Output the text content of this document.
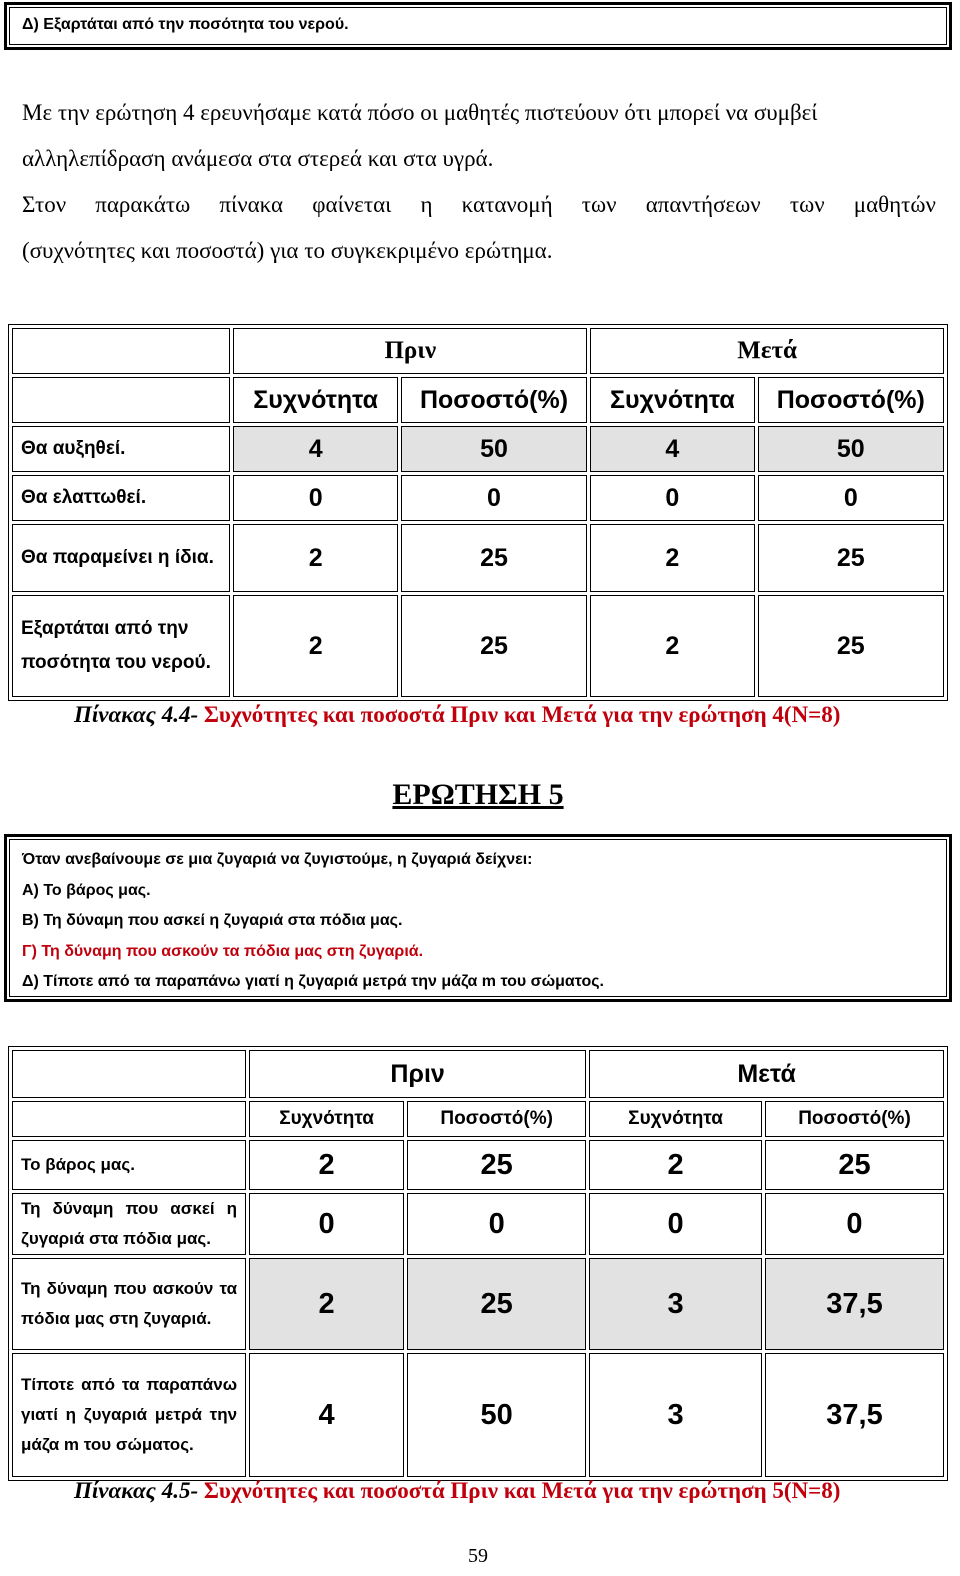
Δ) Εξαρτάται από την ποσότητα του νερού.
Με την ερώτηση 4 ερευνήσαμε κατά πόσο οι μαθητές πιστεύουν ότι μπορεί να συμβεί
αλληλεπίδραση ανάμεσα στα στερεά και στα υγρά.
Στον παρακάτω πίνακα φαίνεται η κατανομή των απαντήσεων των μαθητών
(συχνότητες και ποσοστά) για το συγκεκριμένο ερώτημα.
	Πριν		Μετά	
	Συχνότητα	Ποσοστό(%)	Συχνότητα	Ποσοστό(%)
Θα αυξηθεί.	4	50	4	50
Θα ελαττωθεί.	0	0	0	0
Θα παραμείνει η ίδια.	2	25	2	25
Εξαρτάται από την ποσότητα του νερού.	2	25	2	25
Πίνακας 4.4- Συχνότητες και ποσοστά Πριν και Μετά για την ερώτηση 4(N=8)
ΕΡΩΤΗΣΗ 5
Όταν ανεβαίνουμε σε μια ζυγαριά να ζυγιστούμε, η ζυγαριά δείχνει:
Α) Το βάρος μας.
Β) Τη δύναμη που ασκεί η ζυγαριά στα πόδια μας.
Γ) Τη δύναμη που ασκούν τα πόδια μας στη ζυγαριά.
Δ) Τίποτε από τα παραπάνω γιατί η ζυγαριά μετρά την μάζα m του σώματος.
	Πριν		Μετά	
	Συχνότητα	Ποσοστό(%)	Συχνότητα	Ποσοστό(%)
Το βάρος μας.	2	25	2	25
Τη δύναμη που ασκεί η ζυγαριά στα πόδια μας.	0	0	0	0
Τη δύναμη που ασκούν τα πόδια μας στη ζυγαριά.	2	25	3	37,5
Τίποτε από τα παραπάνω γιατί η ζυγαριά μετρά την μάζα m του σώματος.	4	50	3	37,5
Πίνακας 4.5- Συχνότητες και ποσοστά Πριν και Μετά για την ερώτηση 5(N=8)
59
